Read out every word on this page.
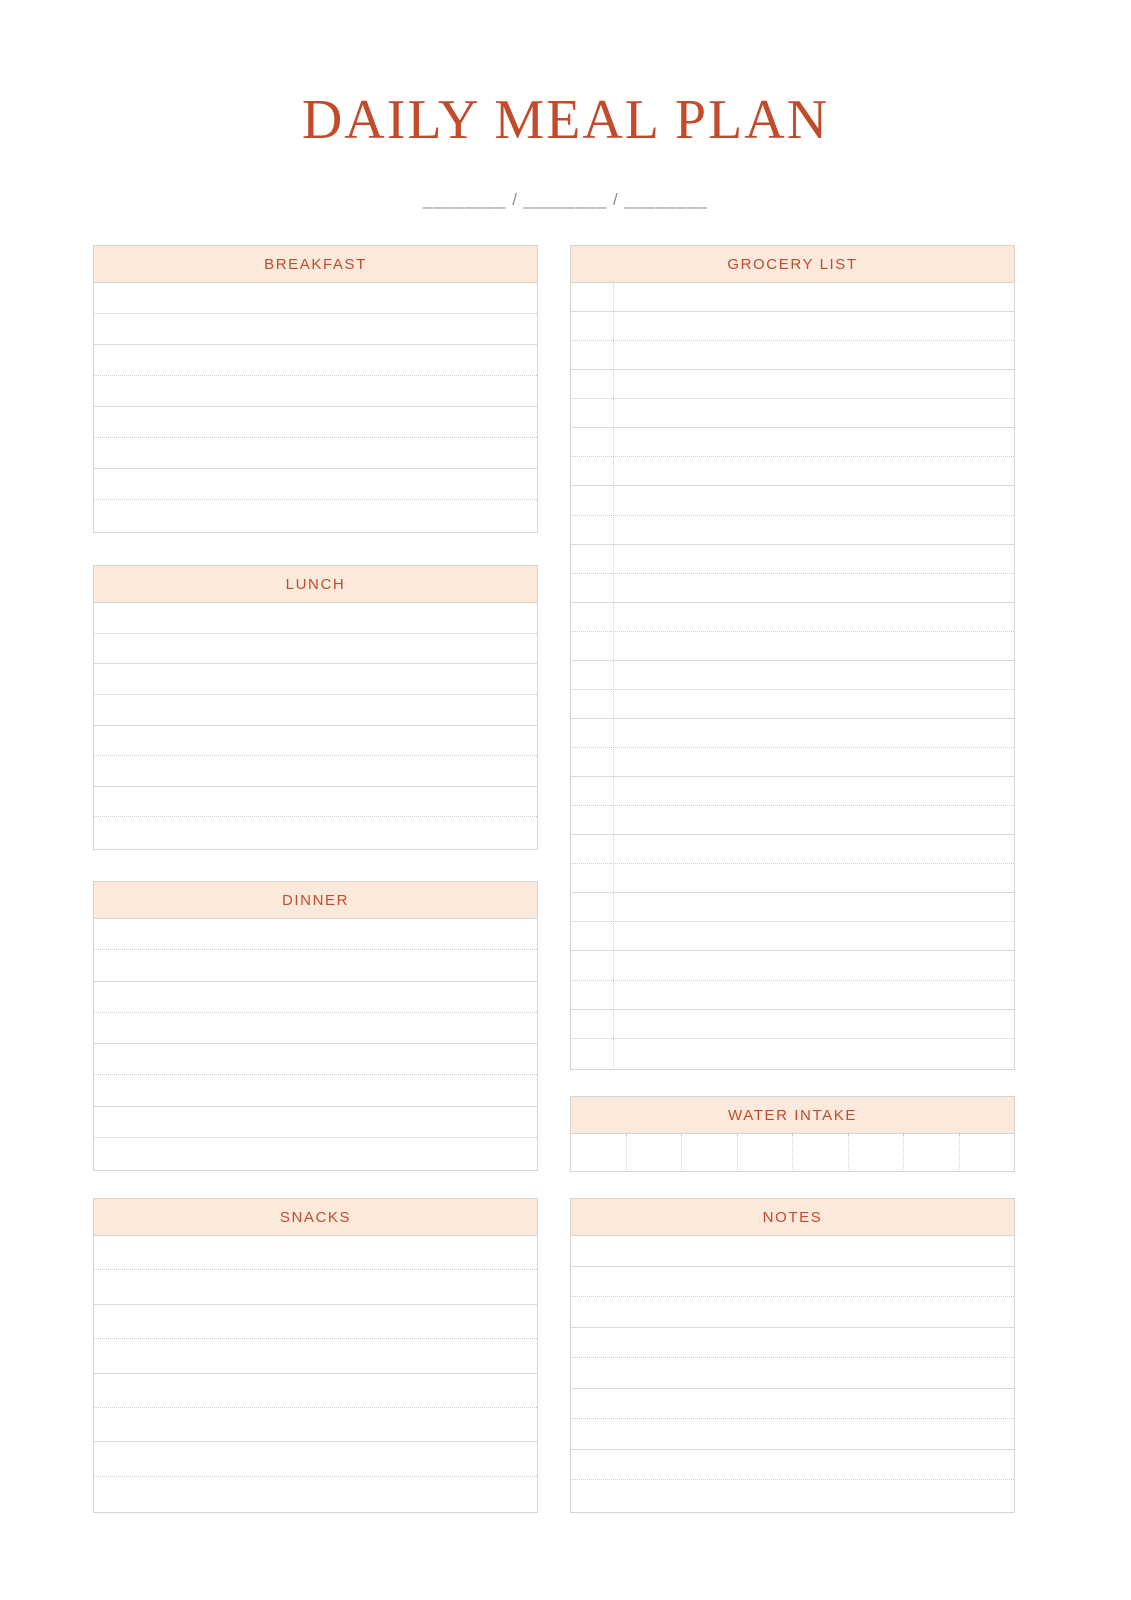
DAILY MEAL PLAN
________ / ________ / ________
BREAKFAST
LUNCH
DINNER
SNACKS
GROCERY LIST
WATER INTAKE
NOTES
